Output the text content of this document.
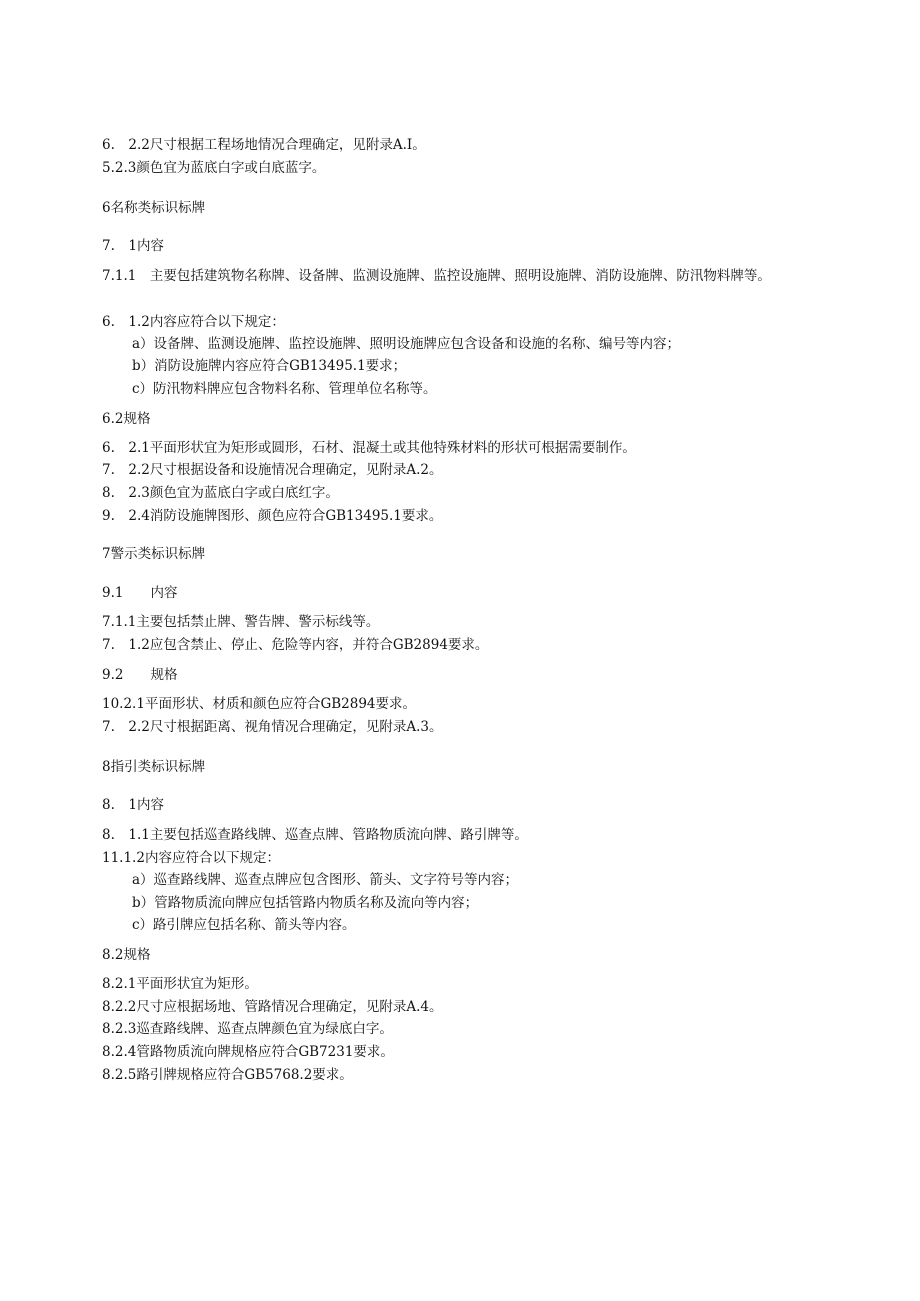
6.　2.2尺寸根据工程场地情况合理确定，见附录A.I。
5.2.3颜色宜为蓝底白字或白底蓝字。
6名称类标识标牌
7.　1内容
7.1.1　主要包括建筑物名称牌、设备牌、监测设施牌、监控设施牌、照明设施牌、消防设施牌、防汛物料牌等。
6.　1.2内容应符合以下规定：
a）设备牌、监测设施牌、监控设施牌、照明设施牌应包含设备和设施的名称、编号等内容；
b）消防设施牌内容应符合GB13495.1要求；
c）防汛物料牌应包含物料名称、管理单位名称等。
6.2规格
6.　2.1平面形状宜为矩形或圆形，石材、混凝土或其他特殊材料的形状可根据需要制作。
7.　2.2尺寸根据设备和设施情况合理确定，见附录A.2。
8.　2.3颜色宜为蓝底白字或白底红字。
9.　2.4消防设施牌图形、颜色应符合GB13495.1要求。
7警示类标识标牌
9.1　　内容
7.1.1主要包括禁止牌、警告牌、警示标线等。
7.　1.2应包含禁止、停止、危险等内容，并符合GB2894要求。
9.2　　规格
10.2.1平面形状、材质和颜色应符合GB2894要求。
7.　2.2尺寸根据距离、视角情况合理确定，见附录A.3。
8指引类标识标牌
8.　1内容
8.　1.1主要包括巡查路线牌、巡查点牌、管路物质流向牌、路引牌等。
11.1.2内容应符合以下规定：
a）巡查路线牌、巡查点牌应包含图形、箭头、文字符号等内容；
b）管路物质流向牌应包括管路内物质名称及流向等内容；
c）路引牌应包括名称、箭头等内容。
8.2规格
8.2.1平面形状宜为矩形。
8.2.2尺寸应根据场地、管路情况合理确定，见附录A.4。
8.2.3巡查路线牌、巡查点牌颜色宜为绿底白字。
8.2.4管路物质流向牌规格应符合GB7231要求。
8.2.5路引牌规格应符合GB5768.2要求。
